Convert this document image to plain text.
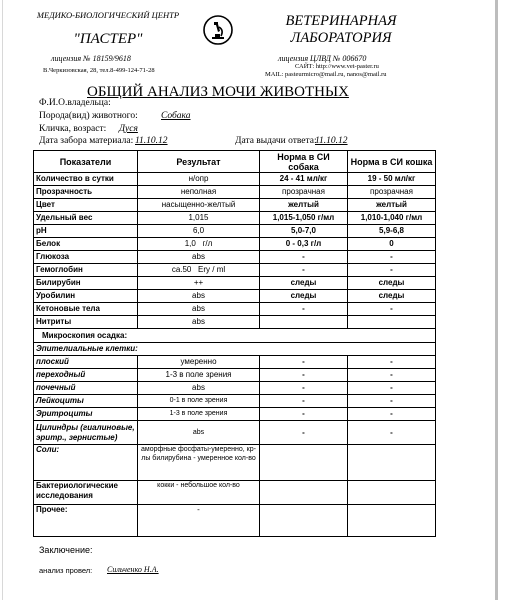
МЕДИКО-БИОЛОГИЧЕСКИЙ ЦЕНТР
"ПАСТЕР"
лицензия № 18159/9618
В.Черкизовская, 28, тел.8-499-124-71-28
ВЕТЕРИНАРНАЯ ЛАБОРАТОРИЯ
лицензия ЦЛВД № 006670
САЙТ: http://www.vet-paster.ru
MAIL: pasteurmicro@mail.ru, nanos@mail.ru
ОБЩИЙ АНАЛИЗ МОЧИ ЖИВОТНЫХ
Ф.И.О.владельца:
Порода(вид) животного: Собака
Кличка, возраст: Дуся
Дата забора материала: 11.10.12	Дата выдачи ответа:
11.10.12
Показатели	Результат	Норма в СИ собака	Норма в СИ кошка
Количество в сутки	н/опр	24 - 41 мл/кг	19 - 50 мл/кг
Прозрачность	неполная	прозрачная	прозрачная
Цвет	насыщенно-желтый	желтый	желтый
Удельный вес	1,015	1,015-1,050 г/мл	1,010-1,040 г/мл
pH	6,0	5,0-7,0	5,9-6,8
Белок	1,0   г/л	0 - 0,3 г/л	0
Глюкоза	abs	-	-
Гемоглобин	ca.50   Ery / ml	-	-
Билирубин	++	следы	следы
Уробилин	abs	следы	следы
Кетоновые тела	abs	-	-
Нитриты	abs		
Микроскопия осадка:			
Эпителиальные клетки:			
плоский	умеренно	-	-
переходный	1-3 в поле зрения	-	-
почечный	abs	-	-
Лейкоциты	0-1 в поле зрения	-	-
Эритроциты	1-3 в поле зрения	-	-
Цилиндры (гиалиновые, эритр., зернистые)	abs	-	-
Соли:	аморфные фосфаты-умеренно, кр-лы билирубина - умеренное кол-во		
Бактериологические исследования	кокки - небольшое кол-во		
Прочее:	-		
Заключение:
анализ провел: Сильченко Н.А.
